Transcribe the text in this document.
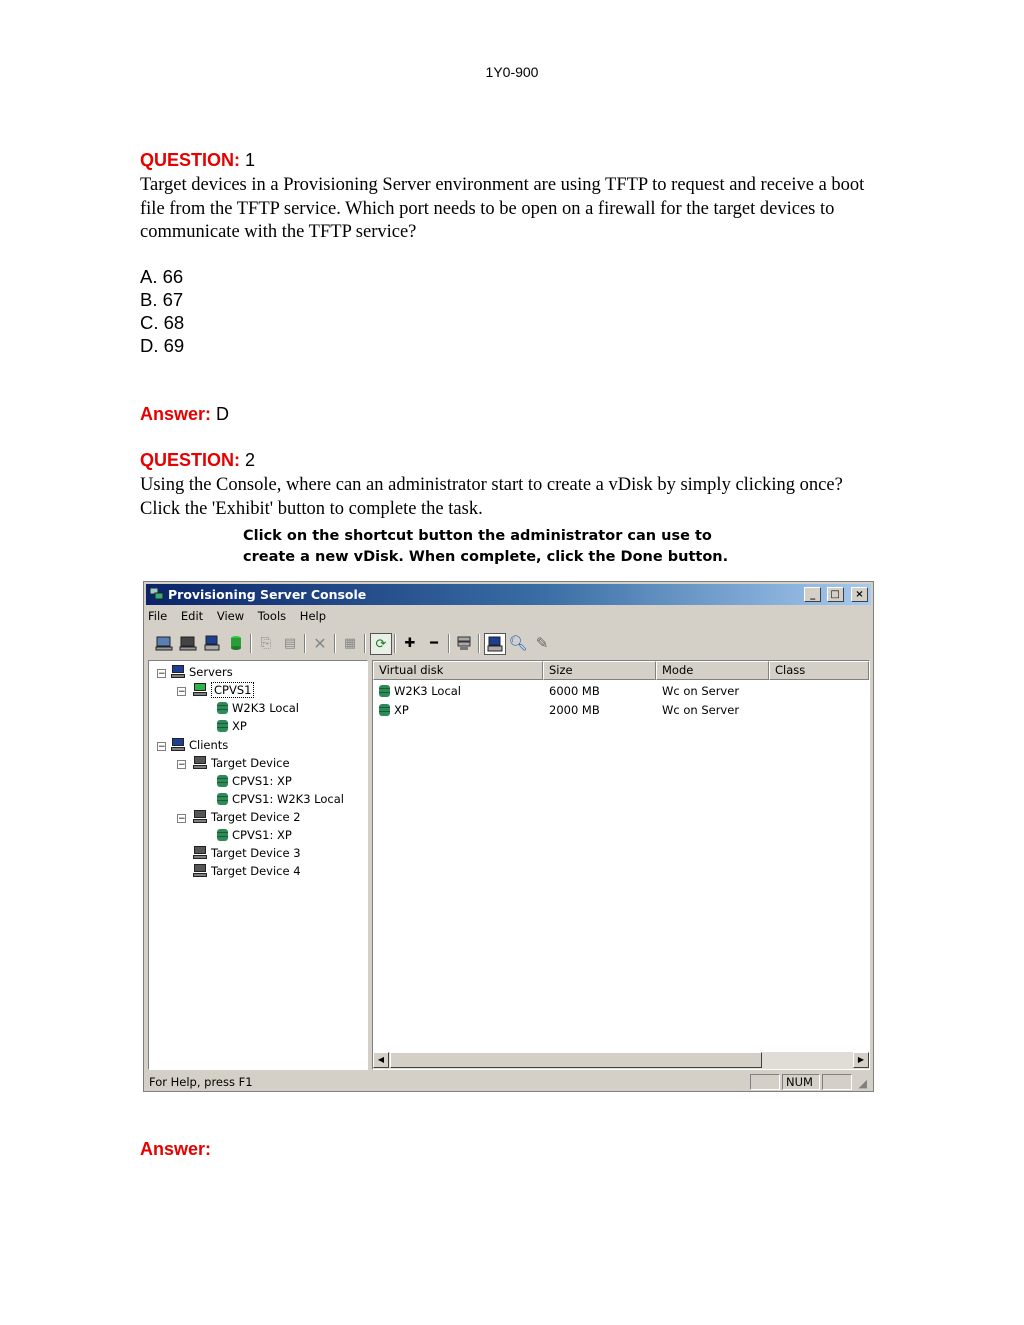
1Y0-900
QUESTION: 1
Target devices in a Provisioning Server environment are using TFTP to request and receive a boot file from the TFTP service. Which port needs to be open on a firewall for the target devices to communicate with the TFTP service?
A. 66
B. 67
C. 68
D. 69
Answer: D
QUESTION: 2
Using the Console, where can an administrator start to create a vDisk by simply clicking once? Click the 'Exhibit' button to complete the task.
Click on the shortcut button the administrator can use to
create a new vDisk. When complete, click the Done button.
Provisioning Server Console	_ □ ×
File Edit View Tools Help
⎘ ▤ ✕ ▦ ⟳ ✚ ━	🔍︎ ✎
−	Servers
−	CPVS1
W2K3 Local
XP
−	Clients
−	Target Device
CPVS1: XP
CPVS1: W2K3 Local
−	Target Device 2
CPVS1: XP
Target Device 3
Target Device 4
Virtual disk	Size	Mode	Class
W2K3 Local	6000 MB	Wc on Server
XP	2000 MB	Wc on Server
◀	▶
For Help, press F1	NUM	◢
Answer:
